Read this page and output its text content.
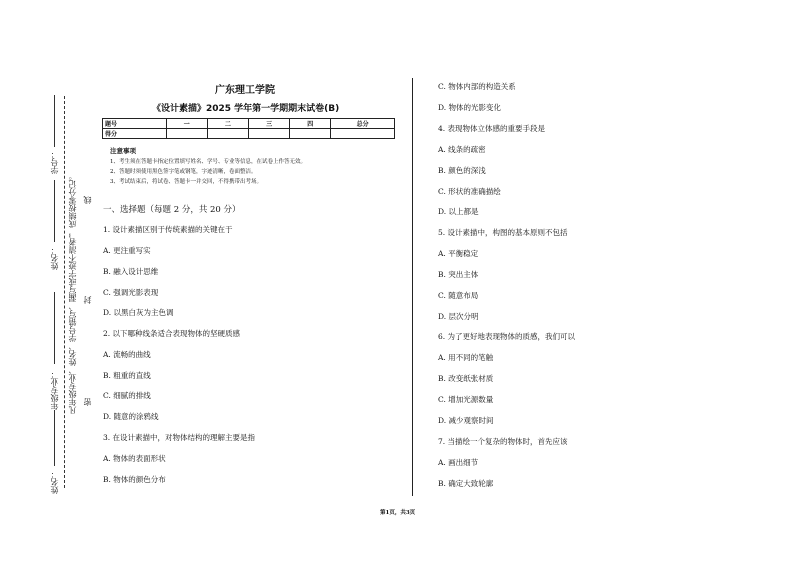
学号：
姓名：
年级专业：
姓名：
，成绩按零分记。
凡年级专业、姓名、学号错写、漏写或字迹不清者，
线
封
密
广东理工学院
《设计素描》2025 学年第一学期期末试卷(B)
题号	一	二	三	四	总分
得分					
注意事项
1、考生须在答题卡指定位置填写姓名、学号、专业等信息，在试卷上作答无效。
2、答题时须使用黑色签字笔或钢笔，字迹清晰，卷面整洁。
3、考试结束后，将试卷、答题卡一并交回，不得携带出考场。
一、选择题（每题 2 分，共 20 分）
1. 设计素描区别于传统素描的关键在于
A. 更注重写实
B. 融入设计思维
C. 强调光影表现
D. 以黑白灰为主色调
2. 以下哪种线条适合表现物体的坚硬质感
A. 流畅的曲线
B. 粗重的直线
C. 细腻的排线
D. 随意的涂鸦线
3. 在设计素描中，对物体结构的理解主要是指
A. 物体的表面形状
B. 物体的颜色分布
C. 物体内部的构造关系
D. 物体的光影变化
4. 表现物体立体感的重要手段是
A. 线条的疏密
B. 颜色的深浅
C. 形状的准确描绘
D. 以上都是
5. 设计素描中，构图的基本原则不包括
A. 平衡稳定
B. 突出主体
C. 随意布局
D. 层次分明
6. 为了更好地表现物体的质感，我们可以
A. 用不同的笔触
B. 改变纸张材质
C. 增加光源数量
D. 减少观察时间
7. 当描绘一个复杂的物体时，首先应该
A. 画出细节
B. 确定大致轮廓
第1页，共3页
